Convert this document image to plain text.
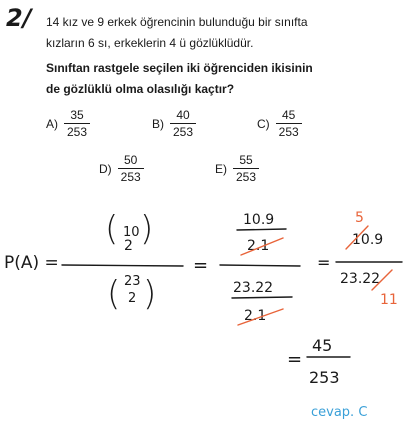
2/ 14 kız ve 9 erkek öğrencinin bulunduğu bir sınıfta
kızların 6 sı, erkeklerin 4 ü gözlüklüdür.
Sınıftan rastgele seçilen iki öğrenciden ikisinin
de gözlüklü olma olasılığı kaçtır?
$A) \frac{35}{253}$	$B) \frac{40}{253}$	$C) \frac{45}{253}$
$D) \frac{50}{253}$	$E) \frac{55}{253}$
P(A) =
( 10
2 )
( 23
2 )
=
10.9
2.1
23.22
2.1
=
10.9
23.22
5
11
=
45
253
cevap. C
